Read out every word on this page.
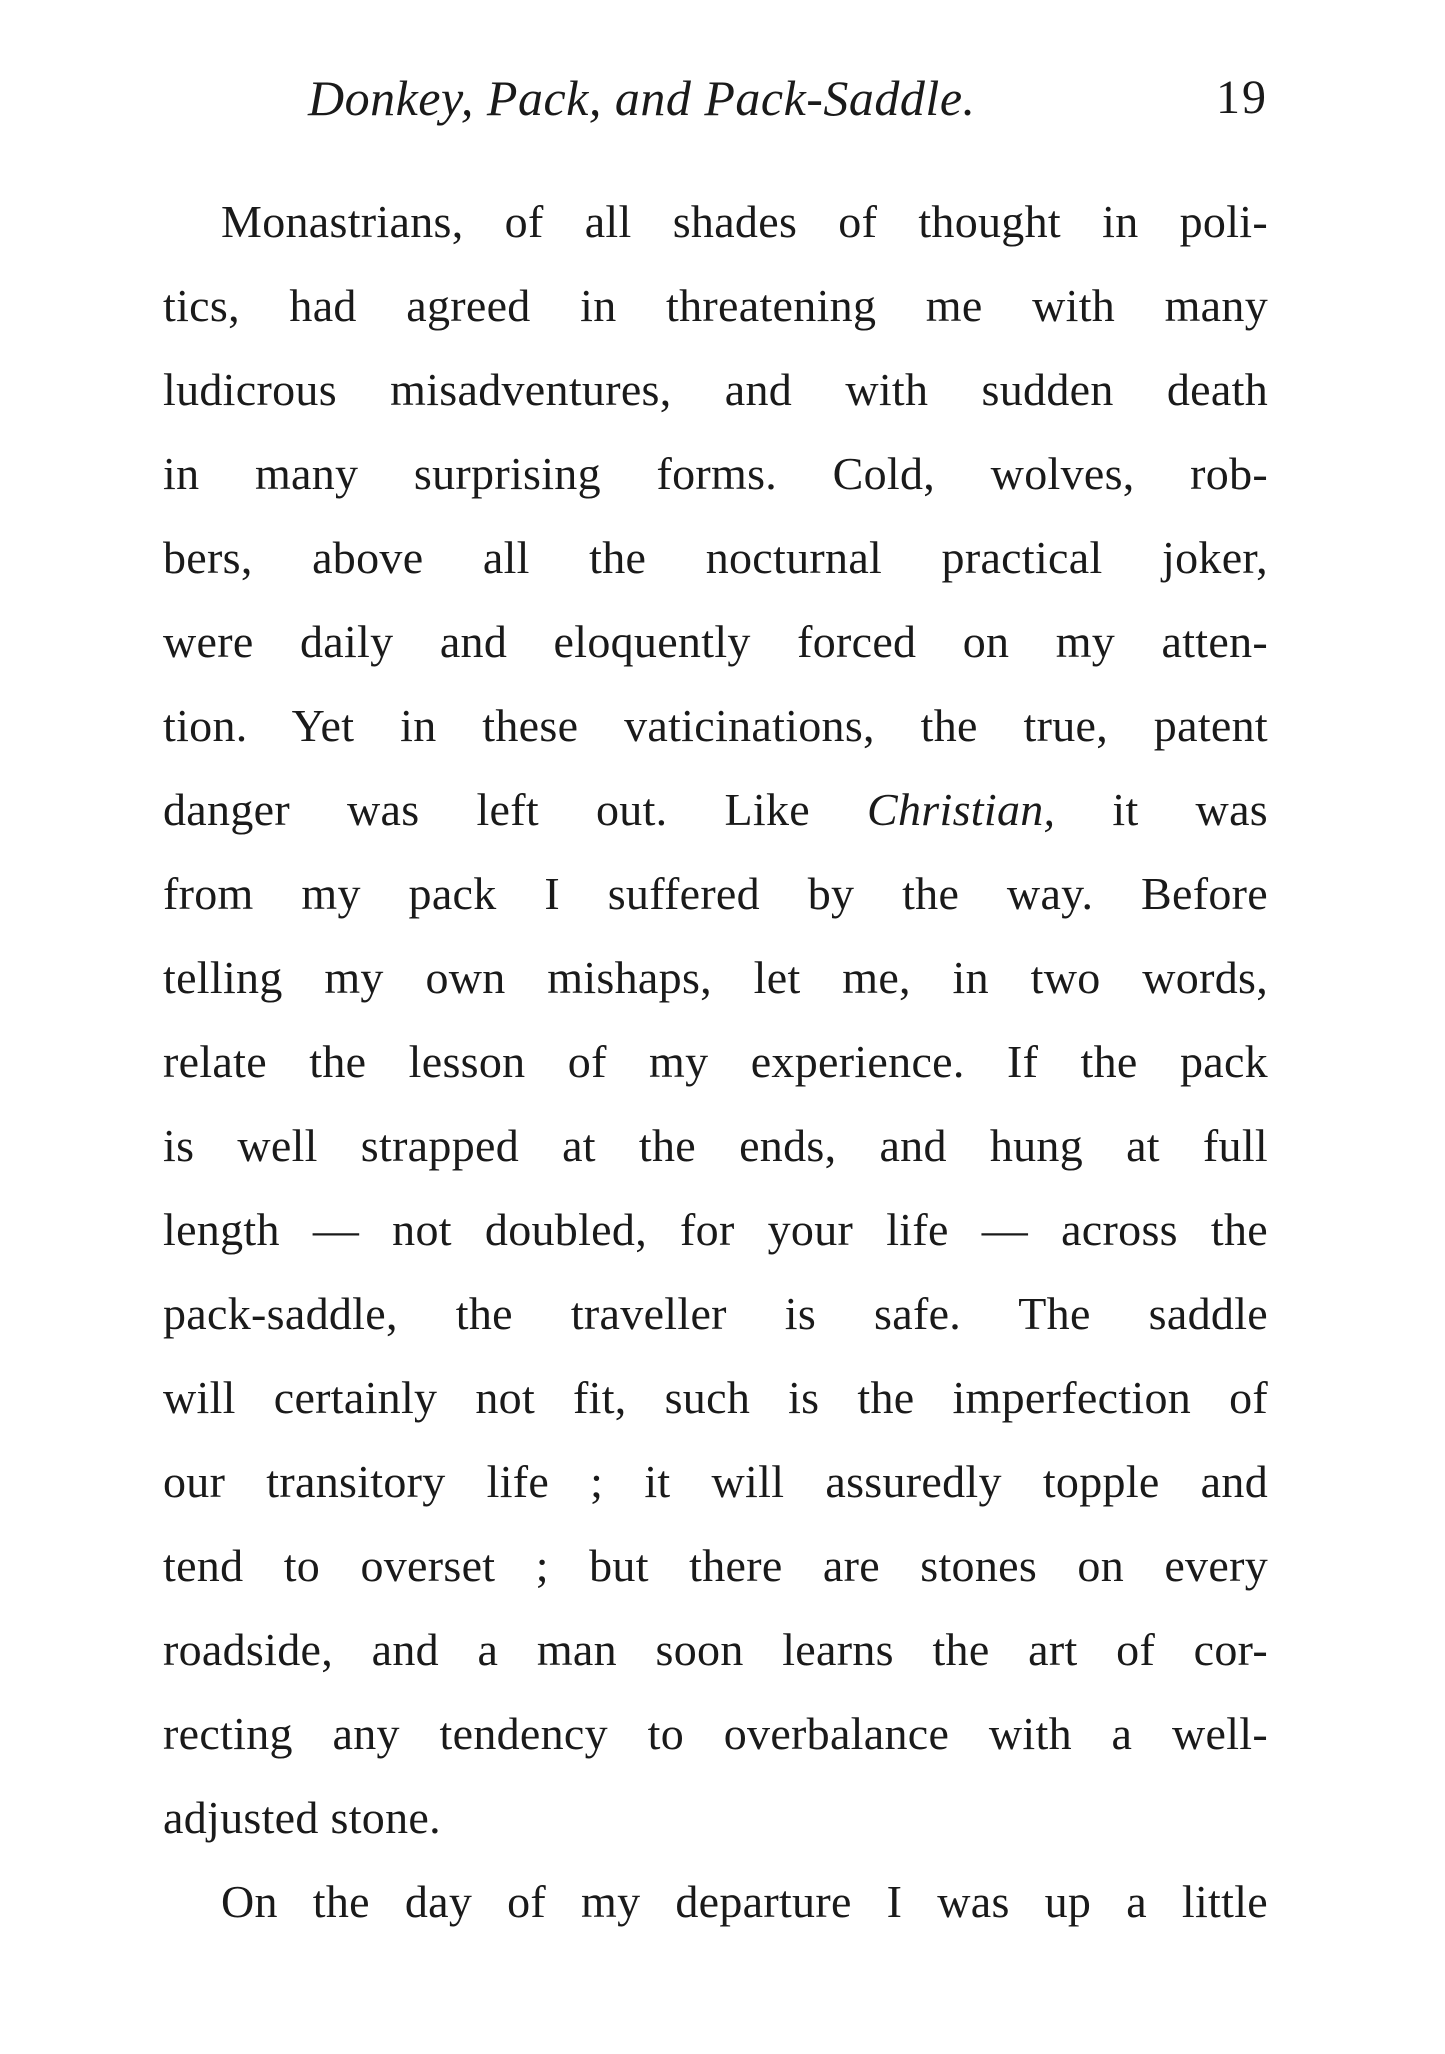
Donkey, Pack, and Pack-Saddle.	19
Monastrians, of all shades of thought in poli-
tics, had agreed in threatening me with many
ludicrous misadventures, and with sudden death
in many surprising forms. Cold, wolves, rob-
bers, above all the nocturnal practical joker,
were daily and eloquently forced on my atten-
tion. Yet in these vaticinations, the true, patent
danger was left out. Like Christian, it was
from my pack I suffered by the way. Before
telling my own mishaps, let me, in two words,
relate the lesson of my experience. If the pack
is well strapped at the ends, and hung at full
length — not doubled, for your life — across the
pack-saddle, the traveller is safe. The saddle
will certainly not fit, such is the imperfection of
our transitory life ; it will assuredly topple and
tend to overset ; but there are stones on every
roadside, and a man soon learns the art of cor-
recting any tendency to overbalance with a well-
adjusted stone.
On the day of my departure I was up a little
